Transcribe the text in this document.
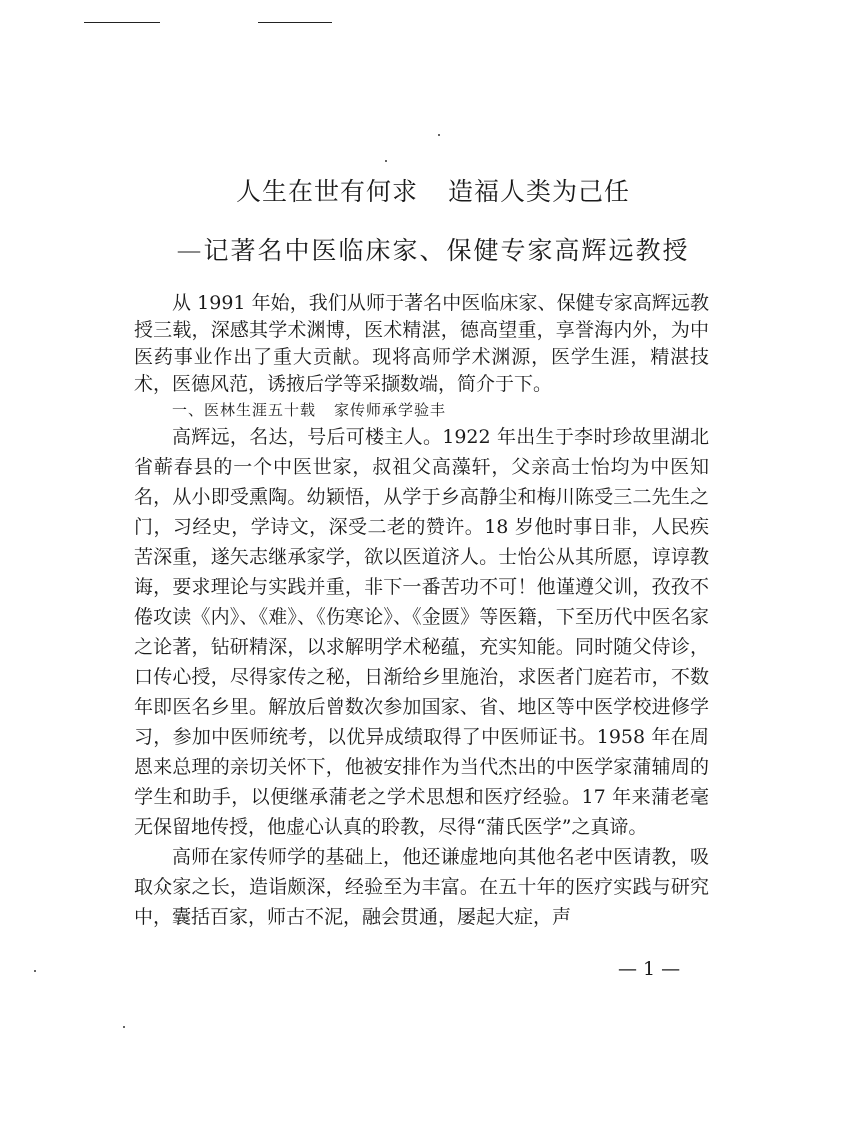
人生在世有何求 造福人类为己任
—记著名中医临床家、保健专家高辉远教授

从 1991 年始，我们从师于著名中医临床家、保健专家高辉远教授三载，深感其学术渊博，医术精湛，德高望重，享誉海内外，为中医药事业作出了重大贡献。现将高师学术渊源，医学生涯，精湛技术，医德风范，诱掖后学等采撷数端，简介于下。

一、医林生涯五十载 家传师承学验丰

高辉远，名达，号后可楼主人。1922 年出生于李时珍故里湖北省蕲春县的一个中医世家，叔祖父高藻轩，父亲高士怡均为中医知名，从小即受熏陶。幼颖悟，从学于乡高静尘和梅川陈受三二先生之门，习经史，学诗文，深受二老的赞许。18 岁他时事日非，人民疾苦深重，遂矢志继承家学，欲以医道济人。士怡公从其所愿，谆谆教诲，要求理论与实践并重，非下一番苦功不可！他谨遵父训，孜孜不倦攻读《内》、《难》、《伤寒论》、《金匮》等医籍，下至历代中医名家之论著，钻研精深，以求解明学术秘蕴，充实知能。同时随父侍诊，口传心授，尽得家传之秘，日渐给乡里施治，求医者门庭若市，不数年即医名乡里。解放后曾数次参加国家、省、地区等中医学校进修学习，参加中医师统考，以优异成绩取得了中医师证书。1958 年在周恩来总理的亲切关怀下，他被安排作为当代杰出的中医学家蒲辅周的学生和助手，以便继承蒲老之学术思想和医疗经验。17 年来蒲老毫无保留地传授，他虚心认真的聆教，尽得“蒲氏医学”之真谛。

高师在家传师学的基础上，他还谦虚地向其他名老中医请教，吸取众家之长，造诣颇深，经验至为丰富。在五十年的医疗实践与研究中，囊括百家，师古不泥，融会贯通，屡起大症，声

— 1 —
